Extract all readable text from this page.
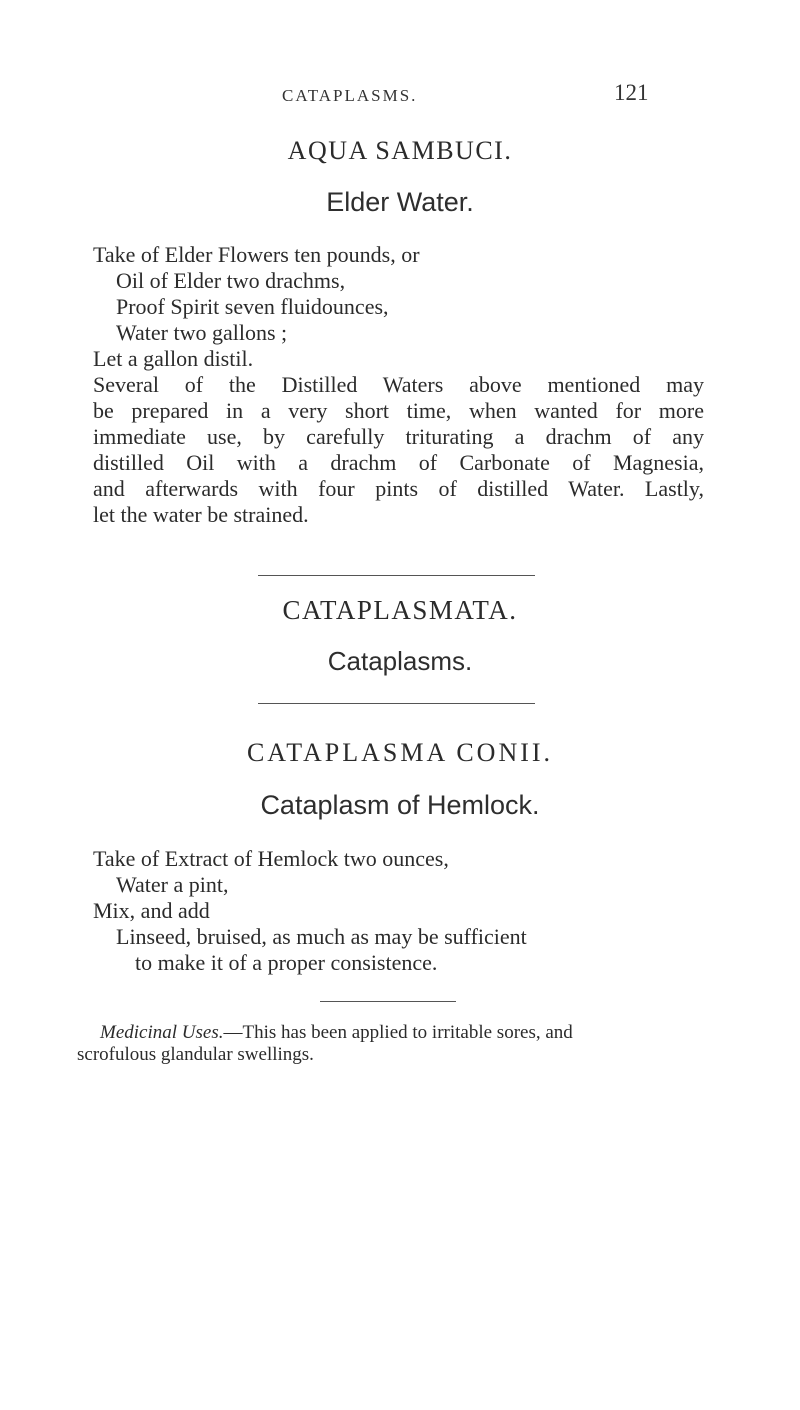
CATAPLASMS.	121
AQUA SAMBUCI.
Elder Water.
Take of Elder Flowers ten pounds, or
Oil of Elder two drachms,
Proof Spirit seven fluidounces,
Water two gallons ;
Let a gallon distil.
Several of the Distilled Waters above mentioned may
be prepared in a very short time, when wanted for more
immediate use, by carefully triturating a drachm of any
distilled Oil with a drachm of Carbonate of Magnesia,
and afterwards with four pints of distilled Water. Lastly,
let the water be strained.
CATAPLASMATA.
Cataplasms.
CATAPLASMA CONII.
Cataplasm of Hemlock.
Take of Extract of Hemlock two ounces,
Water a pint,
Mix, and add
Linseed, bruised, as much as may be sufficient
to make it of a proper consistence.
Medicinal Uses.—This has been applied to irritable sores, and
scrofulous glandular swellings.
